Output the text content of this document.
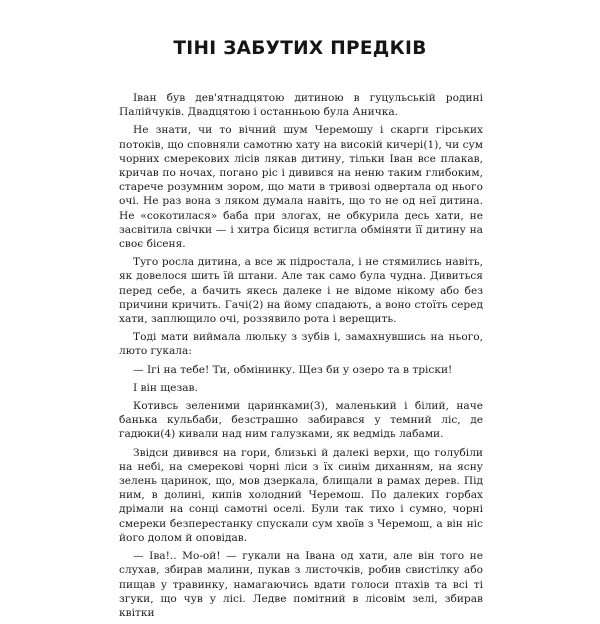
ТІНІ ЗАБУТИХ ПРЕДКІВ

Іван був дев'ятнадцятою дитиною в гуцульській родині Палійчуків. Двадцятою і останньою була Аничка.

Не знати, чи то вічний шум Черемошу і скарги гірських потоків, що сповняли самотню хату на високій кичері(1), чи сум чорних смерекових лісів лякав дитину, тільки Іван все плакав, кричав по ночах, погано ріс і дивився на неню таким глибоким, старече розумним зором, що мати в тривозі одвертала од нього очі. Не раз вона з ляком думала навіть, що то не од неї дитина. Не «сокотилася» баба при злогах, не обкурила десь хати, не засвітила свічки — і хитра бісиця встигла обміняти її дитину на своє бісеня.

Туго росла дитина, а все ж підростала, і не стямились навіть, як довелося шить їй штани. Але так само була чудна. Дивиться перед себе, а бачить якесь далеке і не відоме нікому або без причини кричить. Гачі(2) на йому спадають, а воно стоїть серед хати, заплющило очі, роззявило рота і верещить.

Тоді мати виймала люльку з зубів і, замахнувшись на нього, люто гукала:

— Ігі на тебе! Ти, обмінинку. Щез би у озеро та в тріски!

І він щезав.

Котивсь зеленими царинками(3), маленький і білий, наче банька кульбаби, безстрашно забирався у темний ліс, де гадюки(4) кивали над ним галузками, як ведмідь лабами.

Звідси дивився на гори, близькі й далекі верхи, що голубіли на небі, на смерекові чорні ліси з їх синім диханням, на ясну зелень царинок, що, мов дзеркала, блищали в рамах дерев. Під ним, в долині, кипів холодний Черемош. По далеких горбах дрімали на сонці самотні оселі. Були так тихо і сумно, чорні смереки безперестанку спускали сум хвоїв з Черемош, а він ніс його долом й оповідав.

— Іва!.. Мо-ой! — гукали на Івана од хати, але він того не слухав, збирав малини, пукав з листочків, робив свистілку або пищав у травинку, намагаючись вдати голоси птахів та всі ті згуки, що чув у лісі. Ледве помітний в лісовім зелі, збирав квітки
